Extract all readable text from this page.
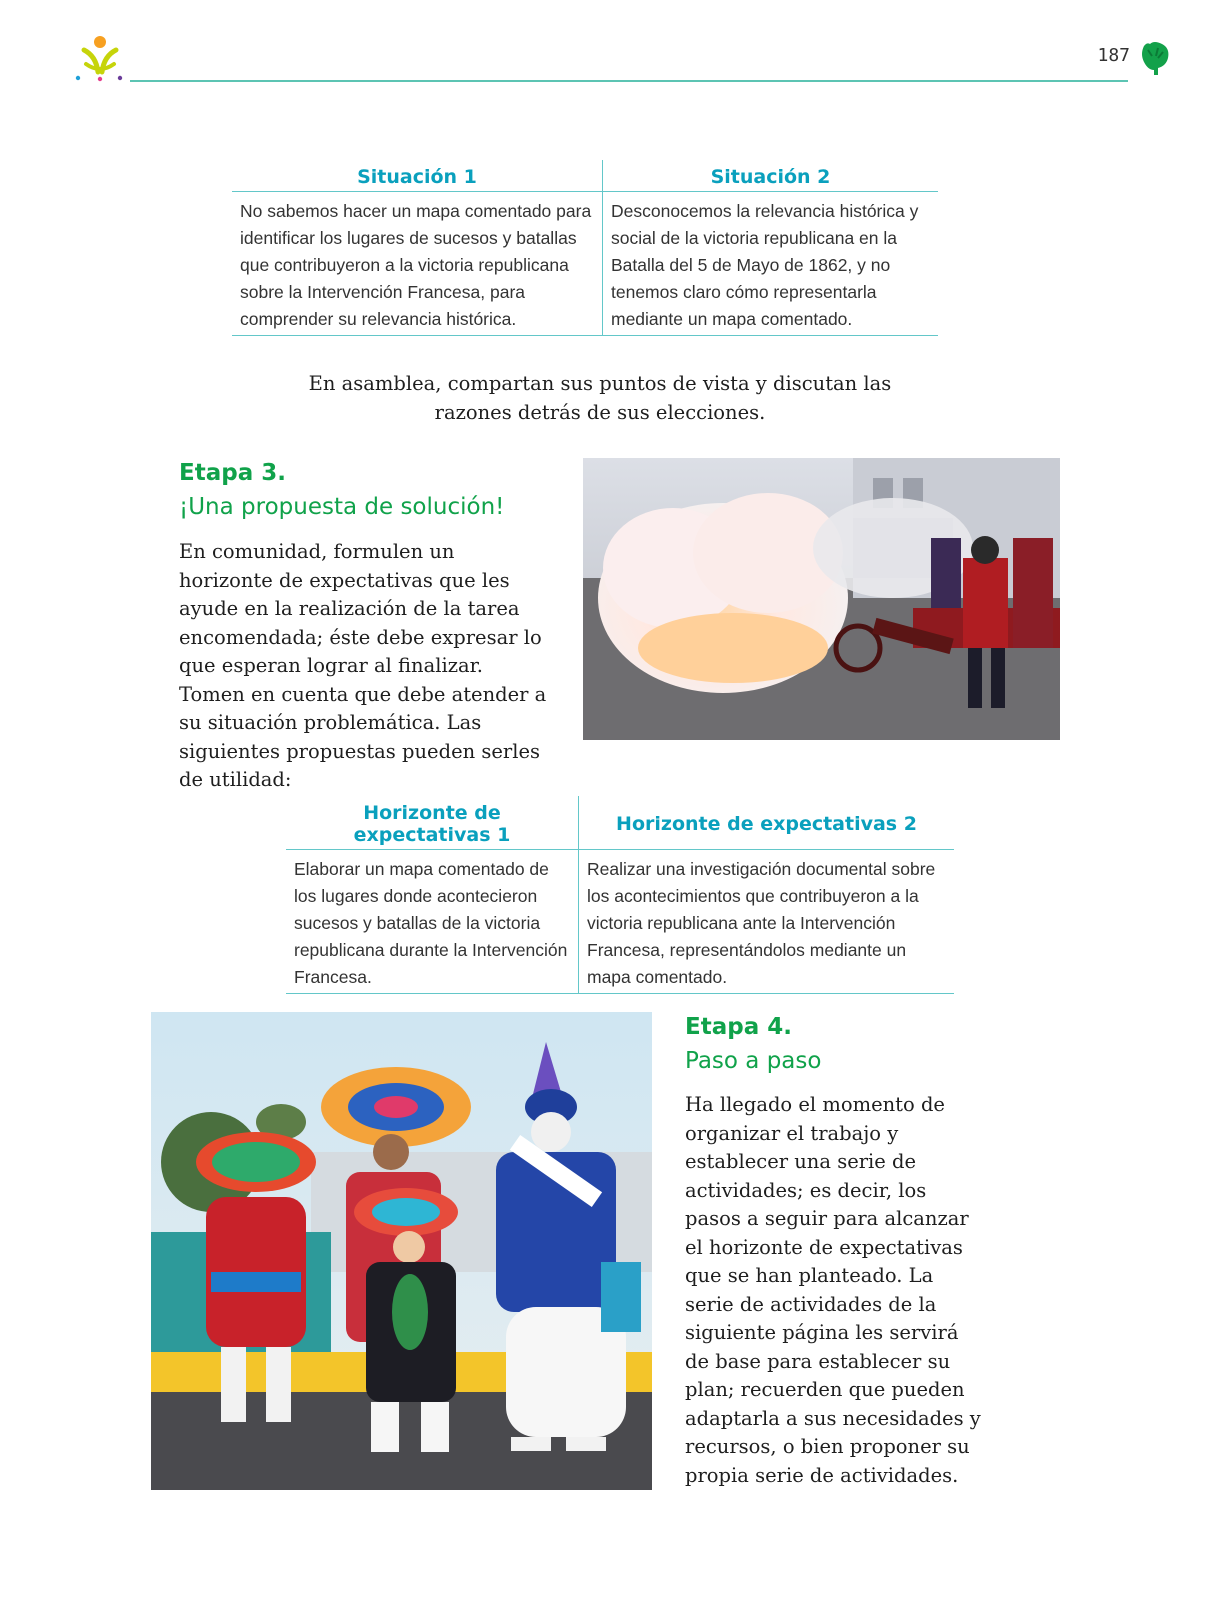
187
Situación 1	Situación 2
No sabemos hacer un mapa comentado para identificar los lugares de sucesos y batallas que contribuyeron a la victoria republicana sobre la Intervención Francesa, para comprender su relevancia histórica.	Desconocemos la relevancia histórica y social de la victoria republicana en la Batalla del 5 de Mayo de 1862, y no tenemos claro cómo representarla mediante un mapa comentado.
En asamblea, compartan sus puntos de vista y discutan las razones detrás de sus elecciones.
Etapa 3.
¡Una propuesta de solución!
En comunidad, formulen un horizonte de expectativas que les ayude en la realización de la tarea encomendada; éste debe expresar lo que esperan lograr al finalizar. Tomen en cuenta que debe atender a su situación problemática. Las siguientes propuestas pueden serles de utilidad:
Horizonte de expectativas 1	Horizonte de expectativas 2
Elaborar un mapa comentado de los lugares donde acontecieron sucesos y batallas de la victoria republicana durante la Intervención Francesa.	Realizar una investigación documental sobre los acontecimientos que contribuyeron a la victoria republicana ante la Intervención Francesa, representándolos mediante un mapa comentado.
Etapa 4.
Paso a paso
Ha llegado el momento de organizar el trabajo y establecer una serie de actividades; es decir, los pasos a seguir para alcanzar el horizonte de expectativas que se han planteado. La serie de actividades de la siguiente página les servirá de base para establecer su plan; recuerden que pueden adaptarla a sus necesidades y recursos, o bien proponer su propia serie de actividades.
